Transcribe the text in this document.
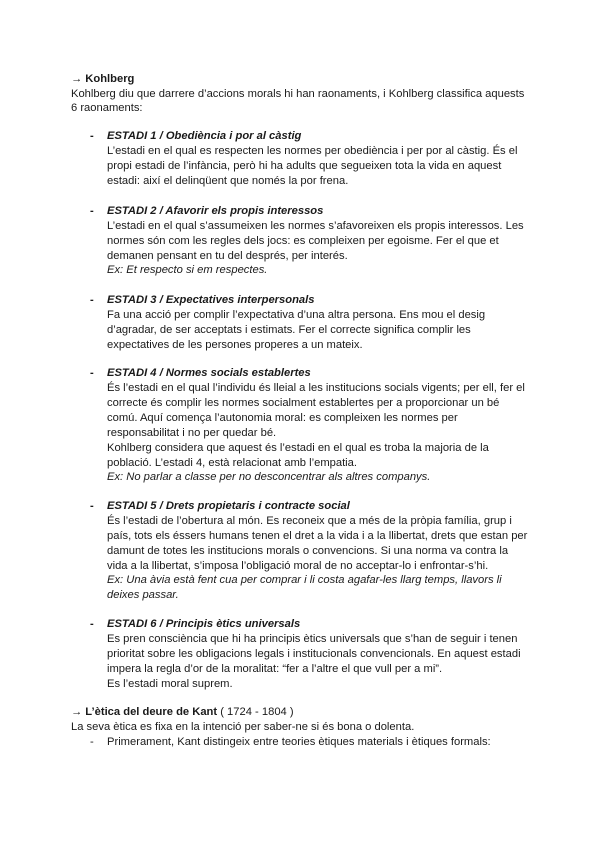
→ Kohlberg
Kohlberg diu que darrere d’accions morals hi han raonaments, i Kohlberg classifica aquests
6 raonaments:
- ESTADI 1 / Obediència i por al càstig
L’estadi en el qual es respecten les normes per obediència i per por al càstig. És el
propi estadi de l’infància, però hi ha adults que segueixen tota la vida en aquest
estadi: així el delinqüent que només la por frena.
- ESTADI 2 / Afavorir els propis interessos
L’estadi en el qual s’assumeixen les normes s’afavoreixen els propis interessos. Les
normes són com les regles dels jocs: es compleixen per egoisme. Fer el que et
demanen pensant en tu del després, per interés.
Ex: Et respecto si em respectes.
- ESTADI 3 / Expectatives interpersonals
Fa una acció per complir l’expectativa d’una altra persona. Ens mou el desig
d’agradar, de ser acceptats i estimats. Fer el correcte significa complir les
expectatives de les persones properes a un mateix.
- ESTADI 4 / Normes socials establertes
És l’estadi en el qual l’individu és lleial a les institucions socials vigents; per ell, fer el
correcte és complir les normes socialment establertes per a proporcionar un bé
comú. Aquí comença l’autonomia moral: es compleixen les normes per
responsabilitat i no per quedar bé.
Kohlberg considera que aquest és l’estadi en el qual es troba la majoria de la
població. L’estadi 4, està relacionat amb l’empatia.
Ex: No parlar a classe per no desconcentrar als altres companys.
- ESTADI 5 / Drets propietaris i contracte social
És l’estadi de l’obertura al món. Es reconeix que a més de la pròpia família, grup i
país, tots els éssers humans tenen el dret a la vida i a la llibertat, drets que estan per
damunt de totes les institucions morals o convencions. Si una norma va contra la
vida a la llibertat, s’imposa l’obligació moral de no acceptar-lo i enfrontar-s’hi.
Ex: Una àvia està fent cua per comprar i li costa agafar-les llarg temps, llavors li
deixes passar.
- ESTADI 6 / Principis ètics universals
Es pren consciència que hi ha principis ètics universals que s’han de seguir i tenen
prioritat sobre les obligacions legals i institucionals convencionals. En aquest estadi
impera la regla d’or de la moralitat: “fer a l’altre el que vull per a mi”.
Es l’estadi moral suprem.
→ L’ètica del deure de Kant ( 1724 - 1804 )
La seva ètica es fixa en la intenció per saber-ne si és bona o dolenta.
- Primerament, Kant distingeix entre teories ètiques materials i ètiques formals:
